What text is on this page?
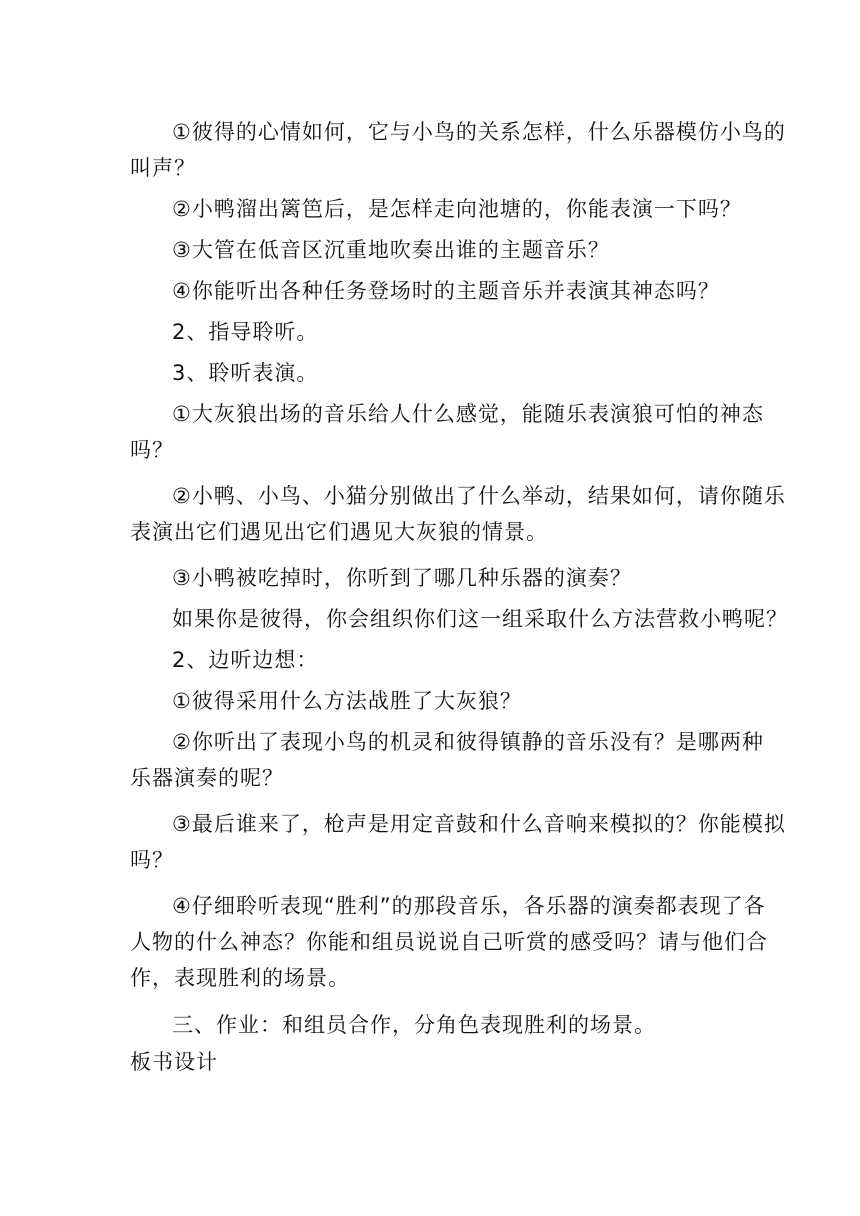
①彼得的心情如何，它与小鸟的关系怎样，什么乐器模仿小鸟的
叫声？
②小鸭溜出篱笆后，是怎样走向池塘的，你能表演一下吗？
③大管在低音区沉重地吹奏出谁的主题音乐？
④你能听出各种任务登场时的主题音乐并表演其神态吗？
2、指导聆听。
3、聆听表演。
①大灰狼出场的音乐给人什么感觉，能随乐表演狼可怕的神态
吗？
②小鸭、小鸟、小猫分别做出了什么举动，结果如何，请你随乐
表演出它们遇见出它们遇见大灰狼的情景。
③小鸭被吃掉时，你听到了哪几种乐器的演奏？
如果你是彼得，你会组织你们这一组采取什么方法营救小鸭呢？
2、边听边想：
①彼得采用什么方法战胜了大灰狼？
②你听出了表现小鸟的机灵和彼得镇静的音乐没有？是哪两种
乐器演奏的呢？
③最后谁来了，枪声是用定音鼓和什么音响来模拟的？你能模拟
吗？
④仔细聆听表现“胜利”的那段音乐，各乐器的演奏都表现了各
人物的什么神态？你能和组员说说自己听赏的感受吗？请与他们合
作，表现胜利的场景。
三、作业：和组员合作，分角色表现胜利的场景。
板书设计
